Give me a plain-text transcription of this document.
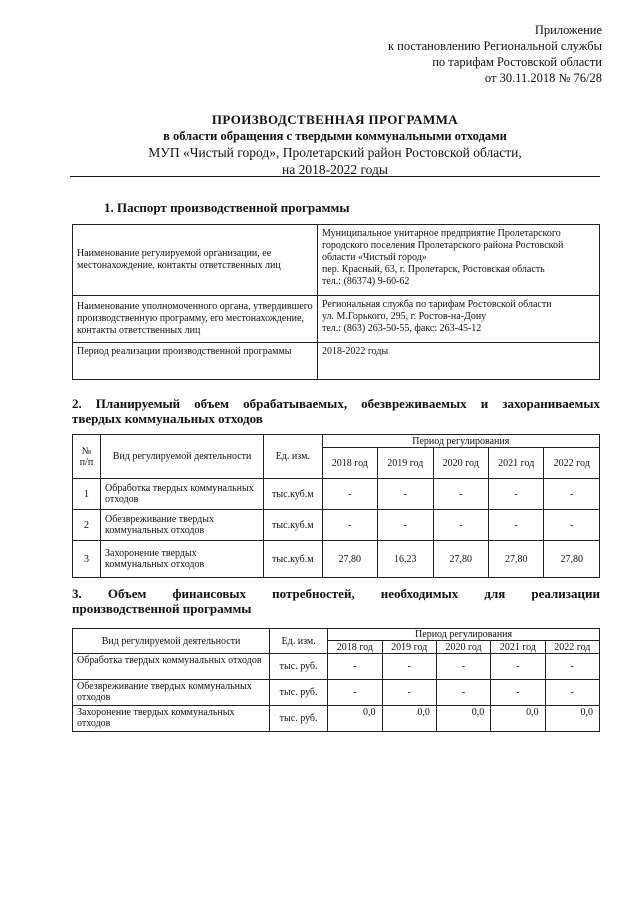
Приложение
к постановлению Региональной службы
по тарифам Ростовской области
от 30.11.2018 № 76/28
ПРОИЗВОДСТВЕННАЯ ПРОГРАММА
в области обращения с твердыми коммунальными отходами
МУП «Чистый город», Пролетарский район Ростовской области,
на 2018-2022 годы
1. Паспорт производственной программы
Наименование регулируемой организации, ее местонахождение, контакты ответственных лиц	Муниципальное унитарное предприятие Пролетарского городского поселения Пролетарского района Ростовской области «Чистый город»
пер. Красный, 63, г. Пролетарск, Ростовская область
тел.: (86374) 9-60-62

Наименование уполномоченного органа, утвердившего производственную программу, его местонахождение, контакты ответственных лиц	Региональная служба по тарифам Ростовской области
ул. М.Горького, 295, г. Ростов-на-Дону
тел.: (863) 263-50-55, факс: 263-45-12

Период реализации производственной программы	2018-2022 годы
2. Планируемый объем обрабатываемых, обезвреживаемых и захораниваемых
твердых коммунальных отходов
№ п/п	Вид регулируемой деятельности	Ед. изм.	Период регулирования				
			2018 год	2019 год	2020 год	2021 год	2022 год
1	Обработка твердых коммунальных отходов	тыс.куб.м	-	-	-	-	-
2	Обезвреживание твердых коммунальных отходов	тыс.куб.м	-	-	-	-	-
3	Захоронение твердых коммунальных отходов	тыс.куб.м	27,80	16,23	27,80	27,80	27,80
3. Объем финансовых потребностей, необходимых для реализации
производственной программы
Вид регулируемой деятельности	Ед. изм.	Период регулирования				
		2018 год	2019 год	2020 год	2021 год	2022 год
Обработка твердых коммунальных отходов	тыс. руб.	-	-	-	-	-
Обезвреживание твердых коммунальных отходов	тыс. руб.	-	-	-	-	-
Захоронение твердых коммунальных отходов	тыс. руб.	0,0	0,0	0,0	0,0	0,0
